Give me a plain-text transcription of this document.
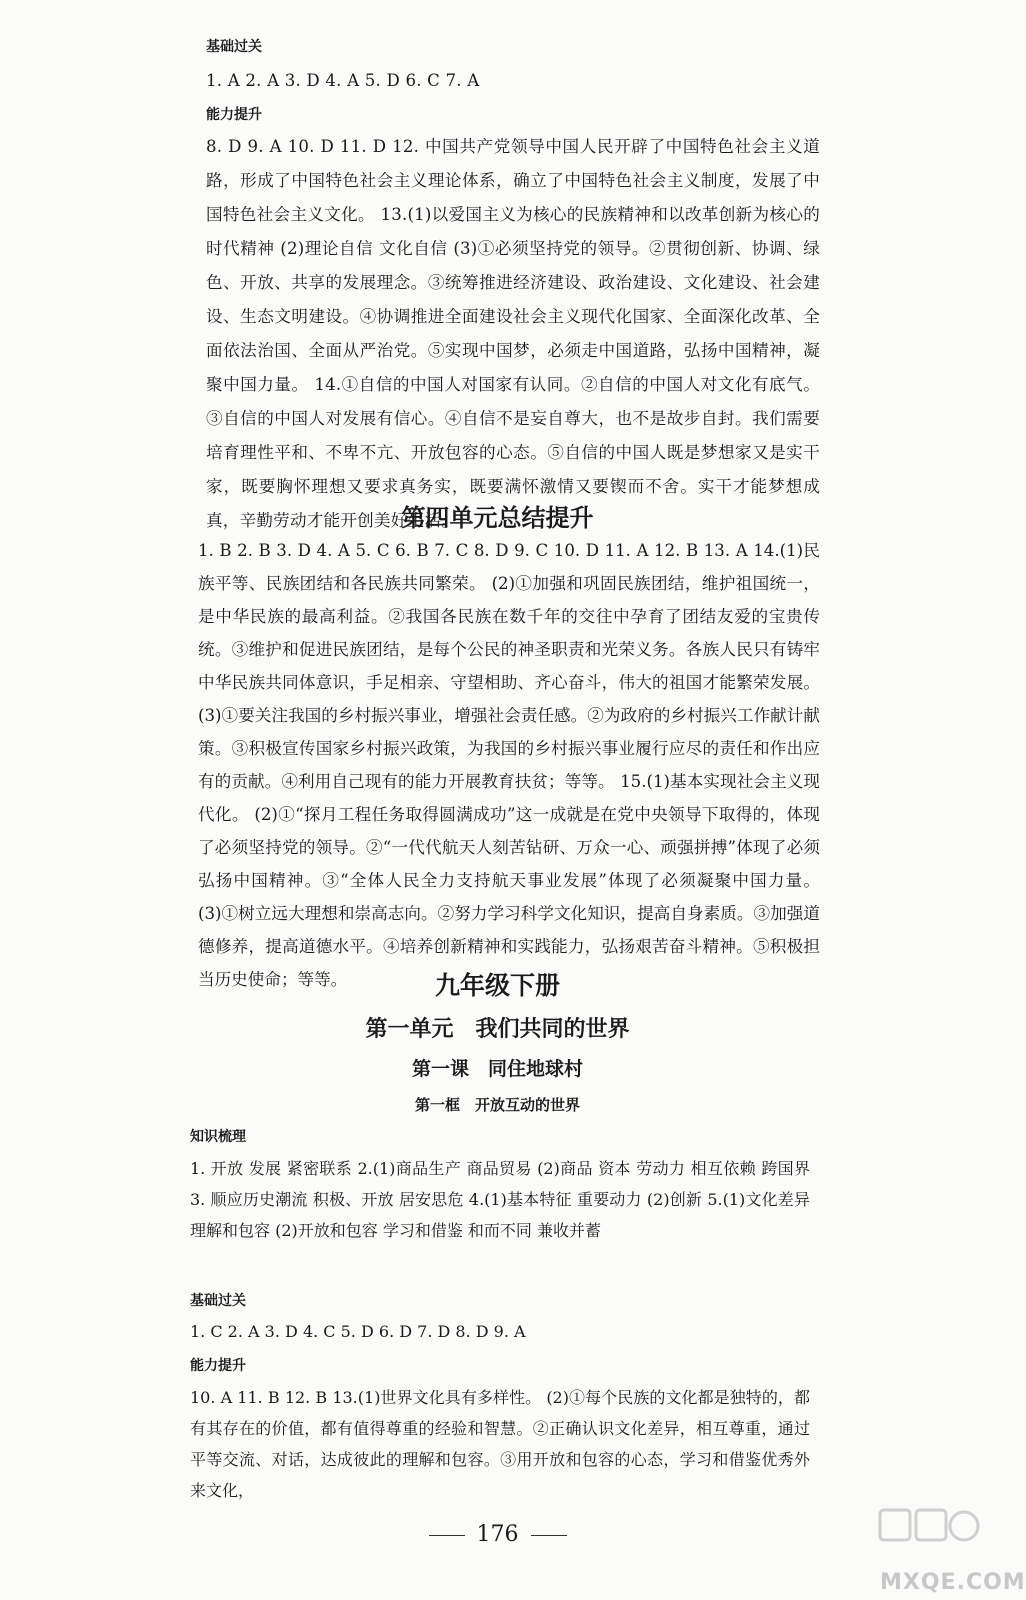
基础过关
1. A 2. A 3. D 4. A 5. D 6. C 7. A
能力提升
8. D 9. A 10. D 11. D 12. 中国共产党领导中国人民开辟了中国特色社会主义道路，形成了中国特色社会主义理论体系，确立了中国特色社会主义制度，发展了中国特色社会主义文化。 13.(1)以爱国主义为核心的民族精神和以改革创新为核心的时代精神 (2)理论自信 文化自信 (3)①必须坚持党的领导。②贯彻创新、协调、绿色、开放、共享的发展理念。③统筹推进经济建设、政治建设、文化建设、社会建设、生态文明建设。④协调推进全面建设社会主义现代化国家、全面深化改革、全面依法治国、全面从严治党。⑤实现中国梦，必须走中国道路，弘扬中国精神，凝聚中国力量。 14.①自信的中国人对国家有认同。②自信的中国人对文化有底气。③自信的中国人对发展有信心。④自信不是妄自尊大，也不是故步自封。我们需要培育理性平和、不卑不亢、开放包容的心态。⑤自信的中国人既是梦想家又是实干家，既要胸怀理想又要求真务实，既要满怀激情又要锲而不舍。实干才能梦想成真，辛勤劳动才能开创美好生活。
第四单元总结提升
1. B 2. B 3. D 4. A 5. C 6. B 7. C 8. D 9. C 10. D 11. A 12. B 13. A 14.(1)民族平等、民族团结和各民族共同繁荣。 (2)①加强和巩固民族团结，维护祖国统一，是中华民族的最高利益。②我国各民族在数千年的交往中孕育了团结友爱的宝贵传统。③维护和促进民族团结，是每个公民的神圣职责和光荣义务。各族人民只有铸牢中华民族共同体意识，手足相亲、守望相助、齐心奋斗，伟大的祖国才能繁荣发展。 (3)①要关注我国的乡村振兴事业，增强社会责任感。②为政府的乡村振兴工作献计献策。③积极宣传国家乡村振兴政策，为我国的乡村振兴事业履行应尽的责任和作出应有的贡献。④利用自己现有的能力开展教育扶贫；等等。 15.(1)基本实现社会主义现代化。 (2)①“探月工程任务取得圆满成功”这一成就是在党中央领导下取得的，体现了必须坚持党的领导。②“一代代航天人刻苦钻研、万众一心、顽强拼搏”体现了必须弘扬中国精神。③“全体人民全力支持航天事业发展”体现了必须凝聚中国力量。 (3)①树立远大理想和崇高志向。②努力学习科学文化知识，提高自身素质。③加强道德修养，提高道德水平。④培养创新精神和实践能力，弘扬艰苦奋斗精神。⑤积极担当历史使命；等等。	九年级下册
第一单元　我们共同的世界
第一课　同住地球村
第一框　开放互动的世界
知识梳理
1. 开放 发展 紧密联系 2.(1)商品生产 商品贸易 (2)商品 资本 劳动力 相互依赖 跨国界 3. 顺应历史潮流 积极、开放 居安思危 4.(1)基本特征 重要动力 (2)创新 5.(1)文化差异 理解和包容 (2)开放和包容 学习和借鉴 和而不同 兼收并蓄
基础过关
1. C 2. A 3. D 4. C 5. D 6. D 7. D 8. D 9. A
能力提升
10. A 11. B 12. B 13.(1)世界文化具有多样性。 (2)①每个民族的文化都是独特的，都有其存在的价值，都有值得尊重的经验和智慧。②正确认识文化差异，相互尊重，通过平等交流、对话，达成彼此的理解和包容。③用开放和包容的心态，学习和借鉴优秀外来文化，
176
MXQE.COM
